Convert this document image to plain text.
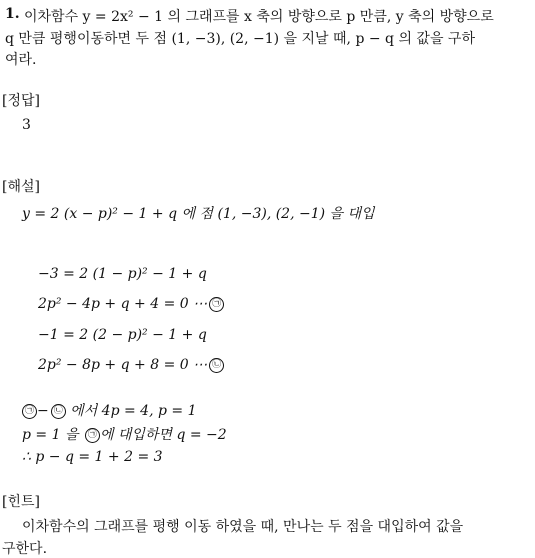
1. 이차함수 y = 2x² − 1 의 그래프를 x 축의 방향으로 p 만큼, y 축의 방향으로
q 만큼 평행이동하면 두 점 (1, −3), (2, −1) 을 지날 때, p − q 의 값을 구하
여라.
[정답]
3
[해설]
y = 2 (x − p)² − 1 + q 에 점 (1, −3), (2, −1) 을 대입
−3 = 2 (1 − p)² − 1 + q
2p² − 4p + q + 4 = 0 ⋯ ㉠
−1 = 2 (2 − p)² − 1 + q
2p² − 8p + q + 8 = 0 ⋯ ㉡
㉠ − ㉡ 에서 4p = 4, p = 1
p = 1 을 ㉠ 에 대입하면 q = −2
∴ p − q = 1 + 2 = 3
[힌트]
이차함수의 그래프를 평행 이동 하였을 때, 만나는 두 점을 대입하여 값을
구한다.
